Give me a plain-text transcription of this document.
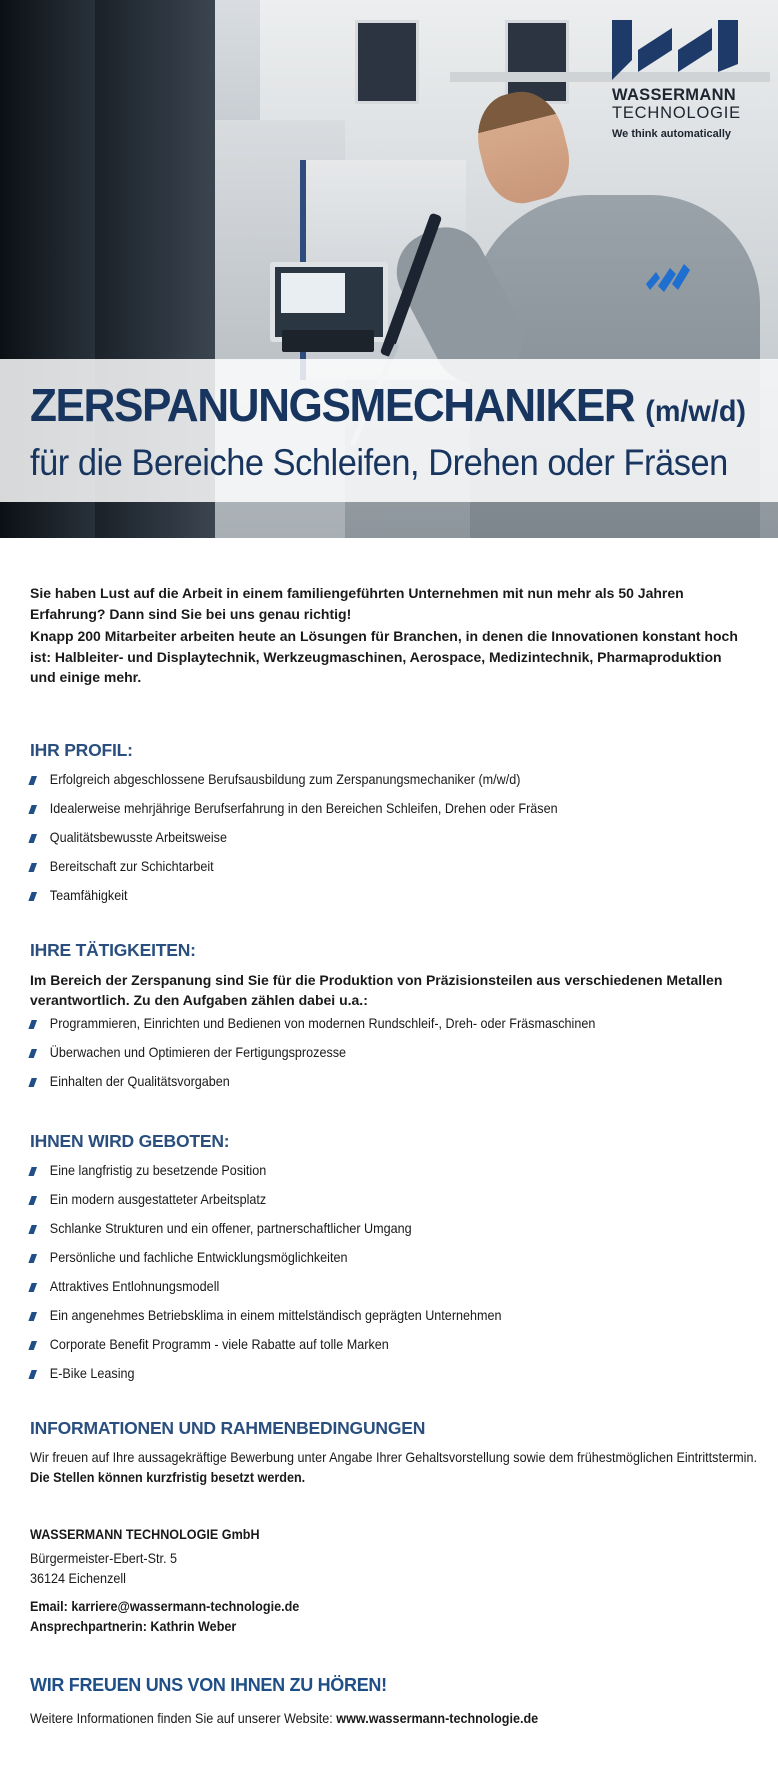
WASSERMANN
TECHNOLOGIE
We think automatically
ZERSPANUNGSMECHANIKER (m/w/d)
für die Bereiche Schleifen, Drehen oder Fräsen

Sie haben Lust auf die Arbeit in einem familiengeführten Unternehmen mit nun mehr als 50 Jahren Erfahrung? Dann sind Sie bei uns genau richtig!

Knapp 200 Mitarbeiter arbeiten heute an Lösungen für Branchen, in denen die Innovationen konstant hoch ist: Halbleiter- und Displaytechnik, Werkzeugmaschinen, Aerospace, Medizintechnik, Pharmaproduktion und einige mehr.

IHR PROFIL:
Erfolgreich abgeschlossene Berufsausbildung zum Zerspanungsmechaniker (m/w/d)
Idealerweise mehrjährige Berufserfahrung in den Bereichen Schleifen, Drehen oder Fräsen
Qualitätsbewusste Arbeitsweise
Bereitschaft zur Schichtarbeit
Teamfähigkeit
IHRE TÄTIGKEITEN:

Im Bereich der Zerspanung sind Sie für die Produktion von Präzisionsteilen aus verschiedenen Metallen verantwortlich. Zu den Aufgaben zählen dabei u.a.:

Programmieren, Einrichten und Bedienen von modernen Rundschleif-, Dreh- oder Fräsmaschinen
Überwachen und Optimieren der Fertigungsprozesse
Einhalten der Qualitätsvorgaben
IHNEN WIRD GEBOTEN:
Eine langfristig zu besetzende Position
Ein modern ausgestatteter Arbeitsplatz
Schlanke Strukturen und ein offener, partnerschaftlicher Umgang
Persönliche und fachliche Entwicklungsmöglichkeiten
Attraktives Entlohnungsmodell
Ein angenehmes Betriebsklima in einem mittelständisch geprägten Unternehmen
Corporate Benefit Programm - viele Rabatte auf tolle Marken
E-Bike Leasing
INFORMATIONEN UND RAHMENBEDINGUNGEN

Wir freuen auf Ihre aussagekräftige Bewerbung unter Angabe Ihrer Gehaltsvorstellung sowie dem frühestmöglichen Eintrittstermin.

Die Stellen können kurzfristig besetzt werden.

WASSERMANN TECHNOLOGIE GmbH

Bürgermeister-Ebert-Str. 5

36124 Eichenzell

Email: karriere@wassermann-technologie.de

Ansprechpartnerin: Kathrin Weber

WIR FREUEN UNS VON IHNEN ZU HÖREN!

Weitere Informationen finden Sie auf unserer Website: www.wassermann-technologie.de
